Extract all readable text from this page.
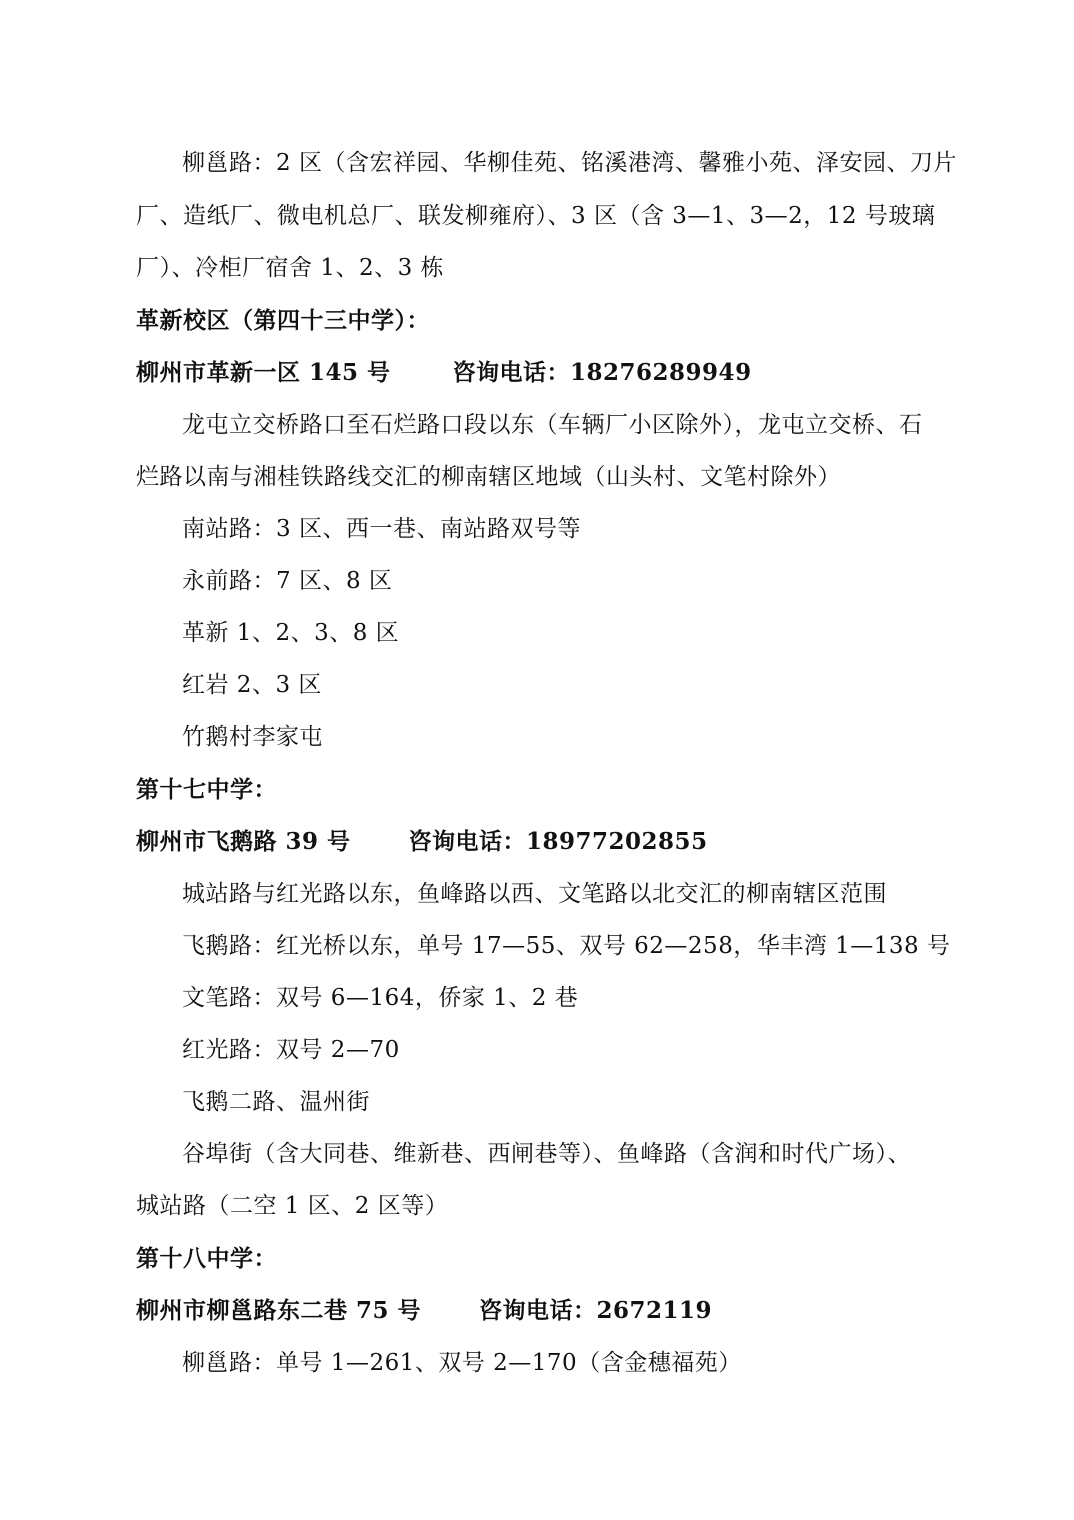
柳邕路：2 区（含宏祥园、华柳佳苑、铭溪港湾、馨雅小苑、泽安园、刀片
厂、造纸厂、微电机总厂、联发柳雍府）、3 区（含 3—1、3—2，12 号玻璃
厂）、冷柜厂宿舍 1、2、3 栋
革新校区（第四十三中学）：
柳州市革新一区 145 号	咨询电话：18276289949
龙屯立交桥路口至石烂路口段以东（车辆厂小区除外），龙屯立交桥、石
烂路以南与湘桂铁路线交汇的柳南辖区地域（山头村、文笔村除外）
南站路：3 区、西一巷、南站路双号等
永前路：7 区、8 区
革新 1、2、3、8 区
红岩 2、3 区
竹鹅村李家屯
第十七中学：
柳州市飞鹅路 39 号	咨询电话：18977202855
城站路与红光路以东，鱼峰路以西、文笔路以北交汇的柳南辖区范围
飞鹅路：红光桥以东，单号 17—55、双号 62—258，华丰湾 1—138 号
文笔路：双号 6—164，侨家 1、2 巷
红光路：双号 2—70
飞鹅二路、温州街
谷埠街（含大同巷、维新巷、西闸巷等）、鱼峰路（含润和时代广场）、
城站路（二空 1 区、2 区等）
第十八中学：
柳州市柳邕路东二巷 75 号	咨询电话：2672119
柳邕路：单号 1—261、双号 2—170（含金穗福苑）
